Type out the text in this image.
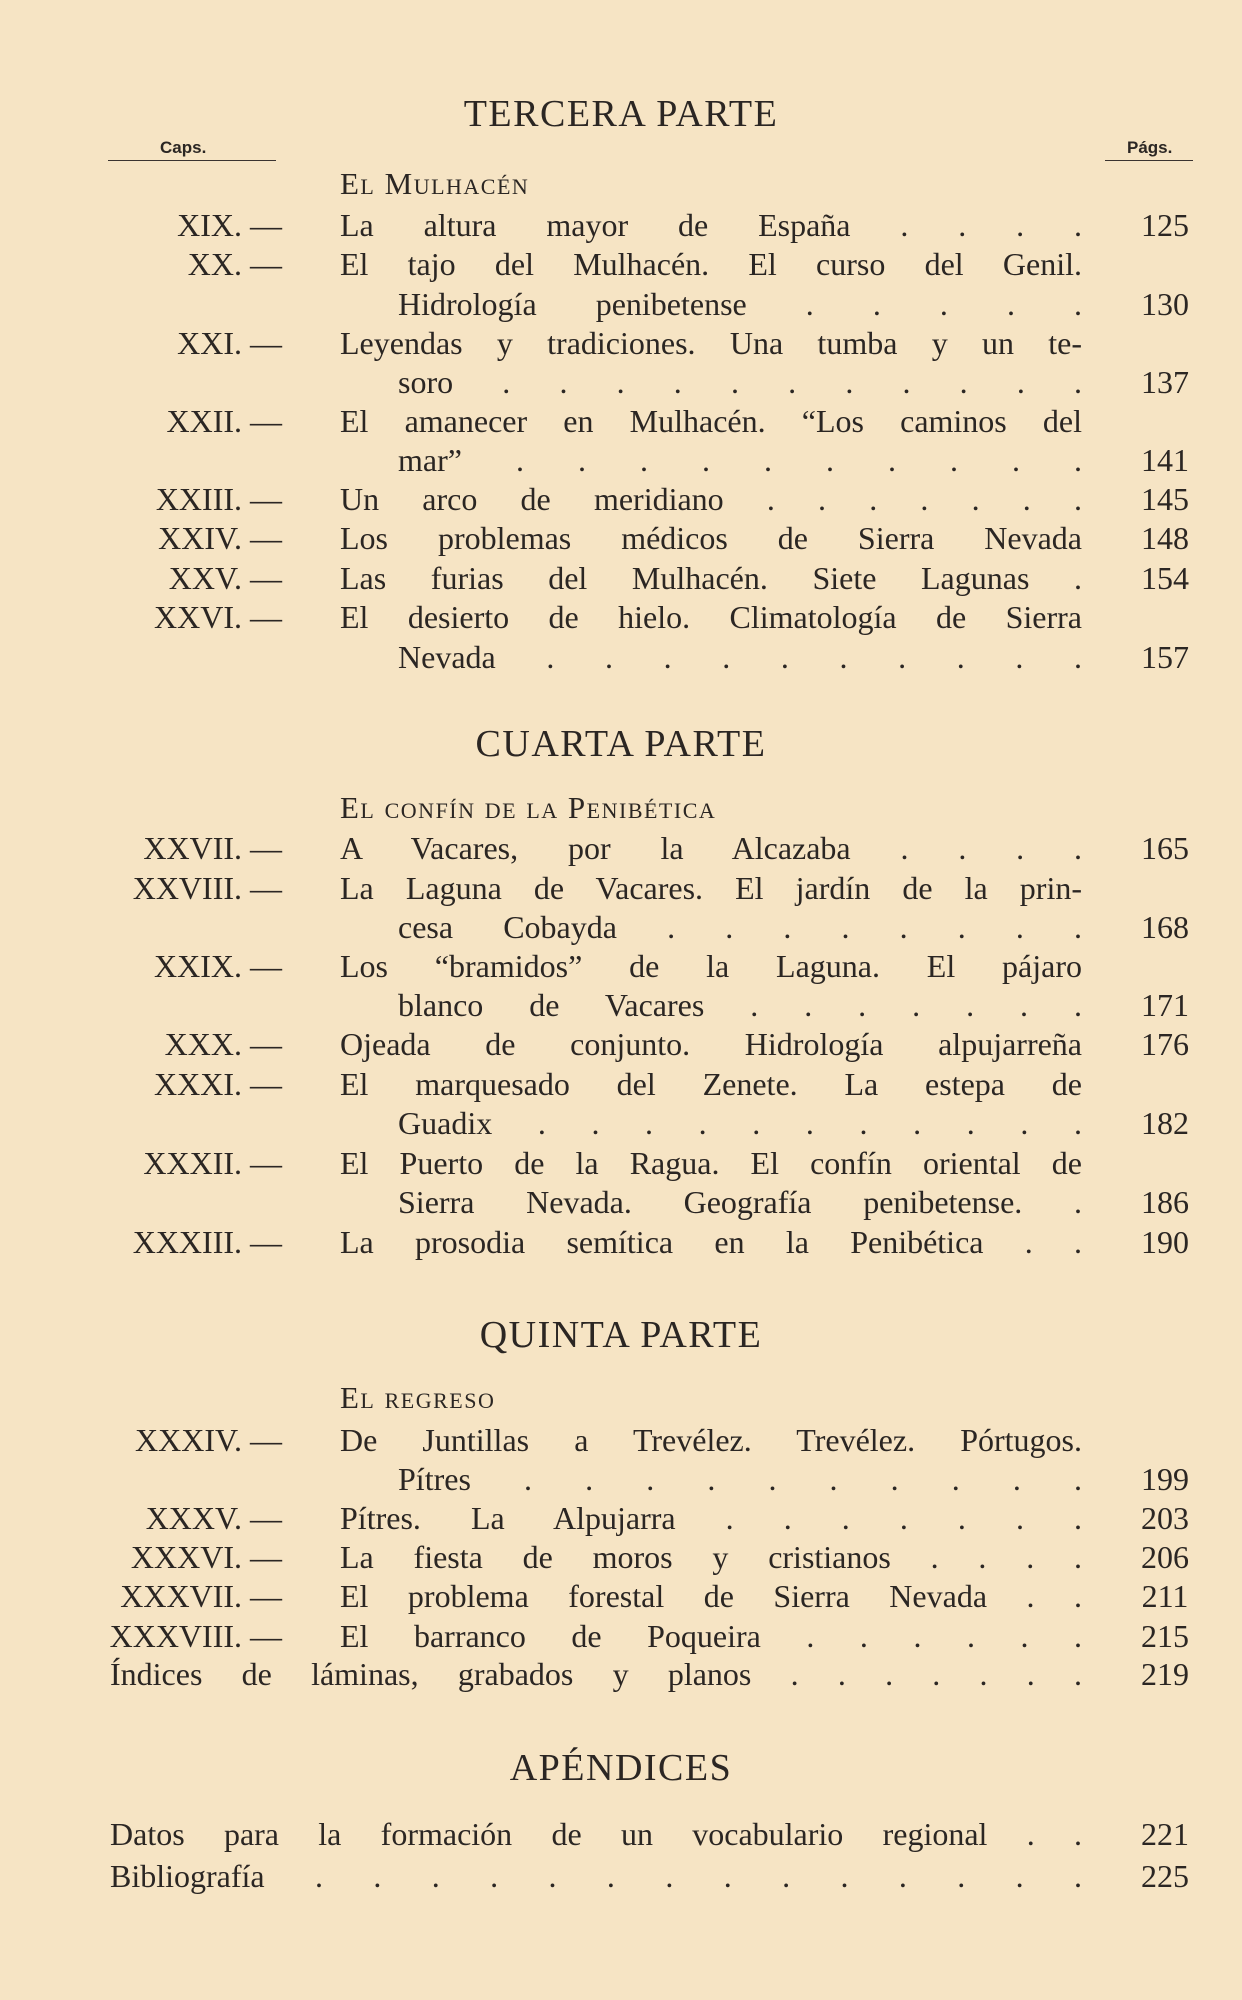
TERCERA PARTE
Caps.	Págs.
El Mulhacén
XIX. — La altura mayor de España . . . . 125
XX. — El tajo del Mulhacén. El curso del Genil.
Hidrología penibetense . . . . . 130
XXI. — Leyendas y tradiciones. Una tumba y un te-
soro . . . . . . . . . . . 137
XXII. — El amanecer en Mulhacén. “Los caminos del
mar” . . . . . . . . . . 141
XXIII. — Un arco de meridiano . . . . . . . 145
XXIV. — Los problemas médicos de Sierra Nevada 148
XXV. — Las furias del Mulhacén. Siete Lagunas . 154
XXVI. — El desierto de hielo. Climatología de Sierra
Nevada . . . . . . . . . . 157
CUARTA PARTE
El confín de la Penibética
XXVII. — A Vacares, por la Alcazaba . . . . 165
XXVIII. — La Laguna de Vacares. El jardín de la prin-
cesa Cobayda . . . . . . . . 168
XXIX. — Los “bramidos” de la Laguna. El pájaro
blanco de Vacares . . . . . . . 171
XXX. — Ojeada de conjunto. Hidrología alpujarreña 176
XXXI. — El marquesado del Zenete. La estepa de
Guadix . . . . . . . . . . . 182
XXXII. — El Puerto de la Ragua. El confín oriental de
Sierra Nevada. Geografía penibetense. . 186
XXXIII. — La prosodia semítica en la Penibética . . 190
QUINTA PARTE
El regreso
XXXIV. — De Juntillas a Trevélez. Trevélez. Pórtugos.
Pítres . . . . . . . . . . 199
XXXV. — Pítres. La Alpujarra . . . . . . . 203
XXXVI. — La fiesta de moros y cristianos . . . . 206
XXXVII. — El problema forestal de Sierra Nevada . . 211
XXXVIII. — El barranco de Poqueira . . . . . . 215
Índices de láminas, grabados y planos . . . . . . . 219
APÉNDICES
Datos para la formación de un vocabulario regional . . 221
Bibliografía . . . . . . . . . . . . . . 225
